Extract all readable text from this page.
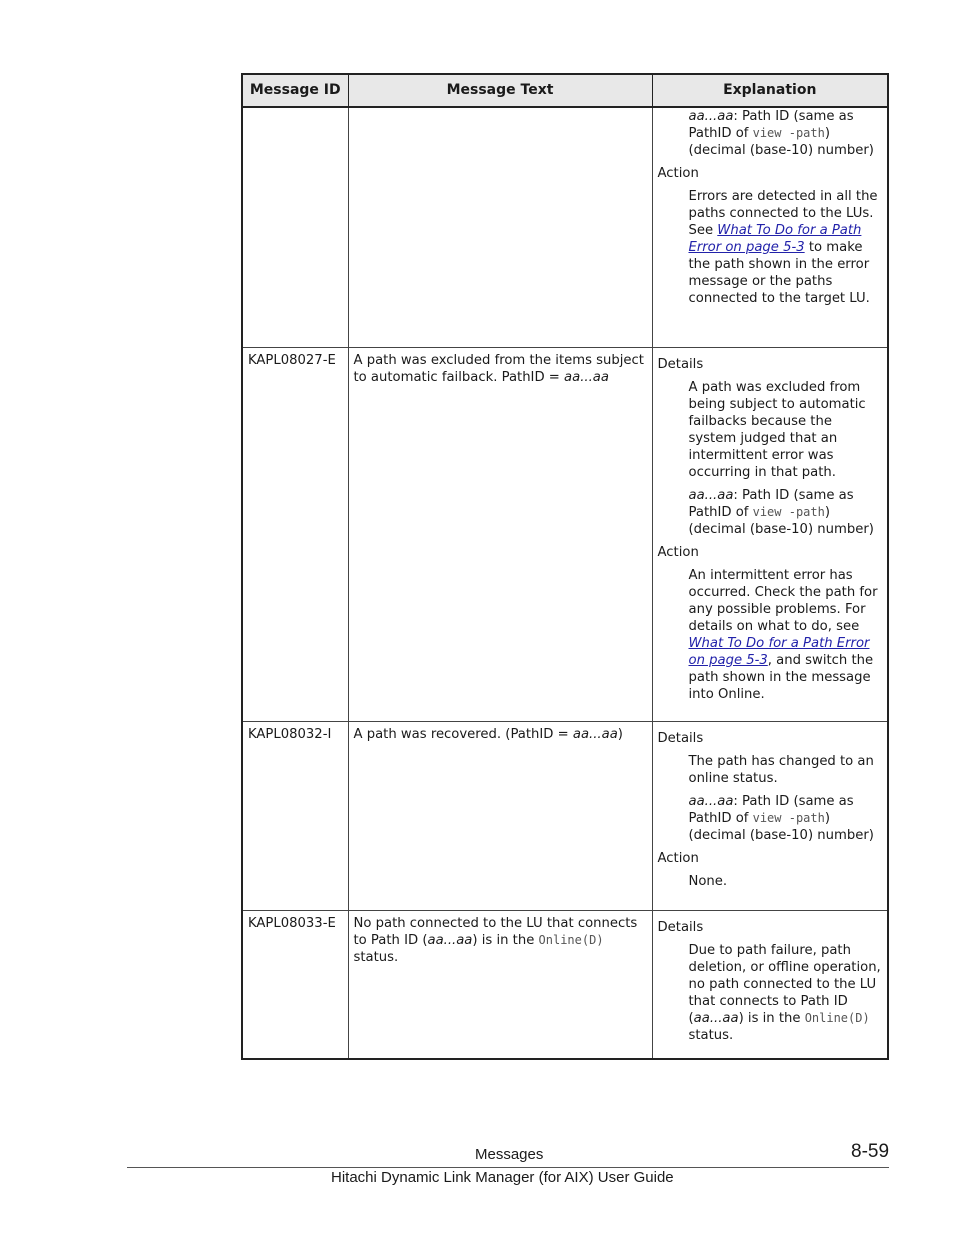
Message ID	Message Text	Explanation

		aa...aa: Path ID (same as PathID of view -path) (decimal (base-10) number)
Action
Errors are detected in all the paths connected to the LUs. See What To Do for a Path Error on page 5-3 to make the path shown in the error message or the paths connected to the target LU.

KAPL08027-E	A path was excluded from the items subject to automatic failback. PathID = aa...aa	Details
A path was excluded from being subject to automatic failbacks because the system judged that an intermittent error was occurring in that path.
aa...aa: Path ID (same as PathID of view -path) (decimal (base-10) number)
Action
An intermittent error has occurred. Check the path for any possible problems. For details on what to do, see What To Do for a Path Error on page 5-3, and switch the path shown in the message into Online.

KAPL08032-I	A path was recovered. (PathID = aa...aa)	Details
The path has changed to an online status.
aa...aa: Path ID (same as PathID of view -path) (decimal (base-10) number)
Action
None.

KAPL08033-E	No path connected to the LU that connects to Path ID (aa...aa) is in the Online(D) status.	Details
Due to path failure, path deletion, or offline operation, no path connected to the LU that connects to Path ID (aa...aa) is in the Online(D) status.
Messages	8-59
Hitachi Dynamic Link Manager (for AIX) User Guide
